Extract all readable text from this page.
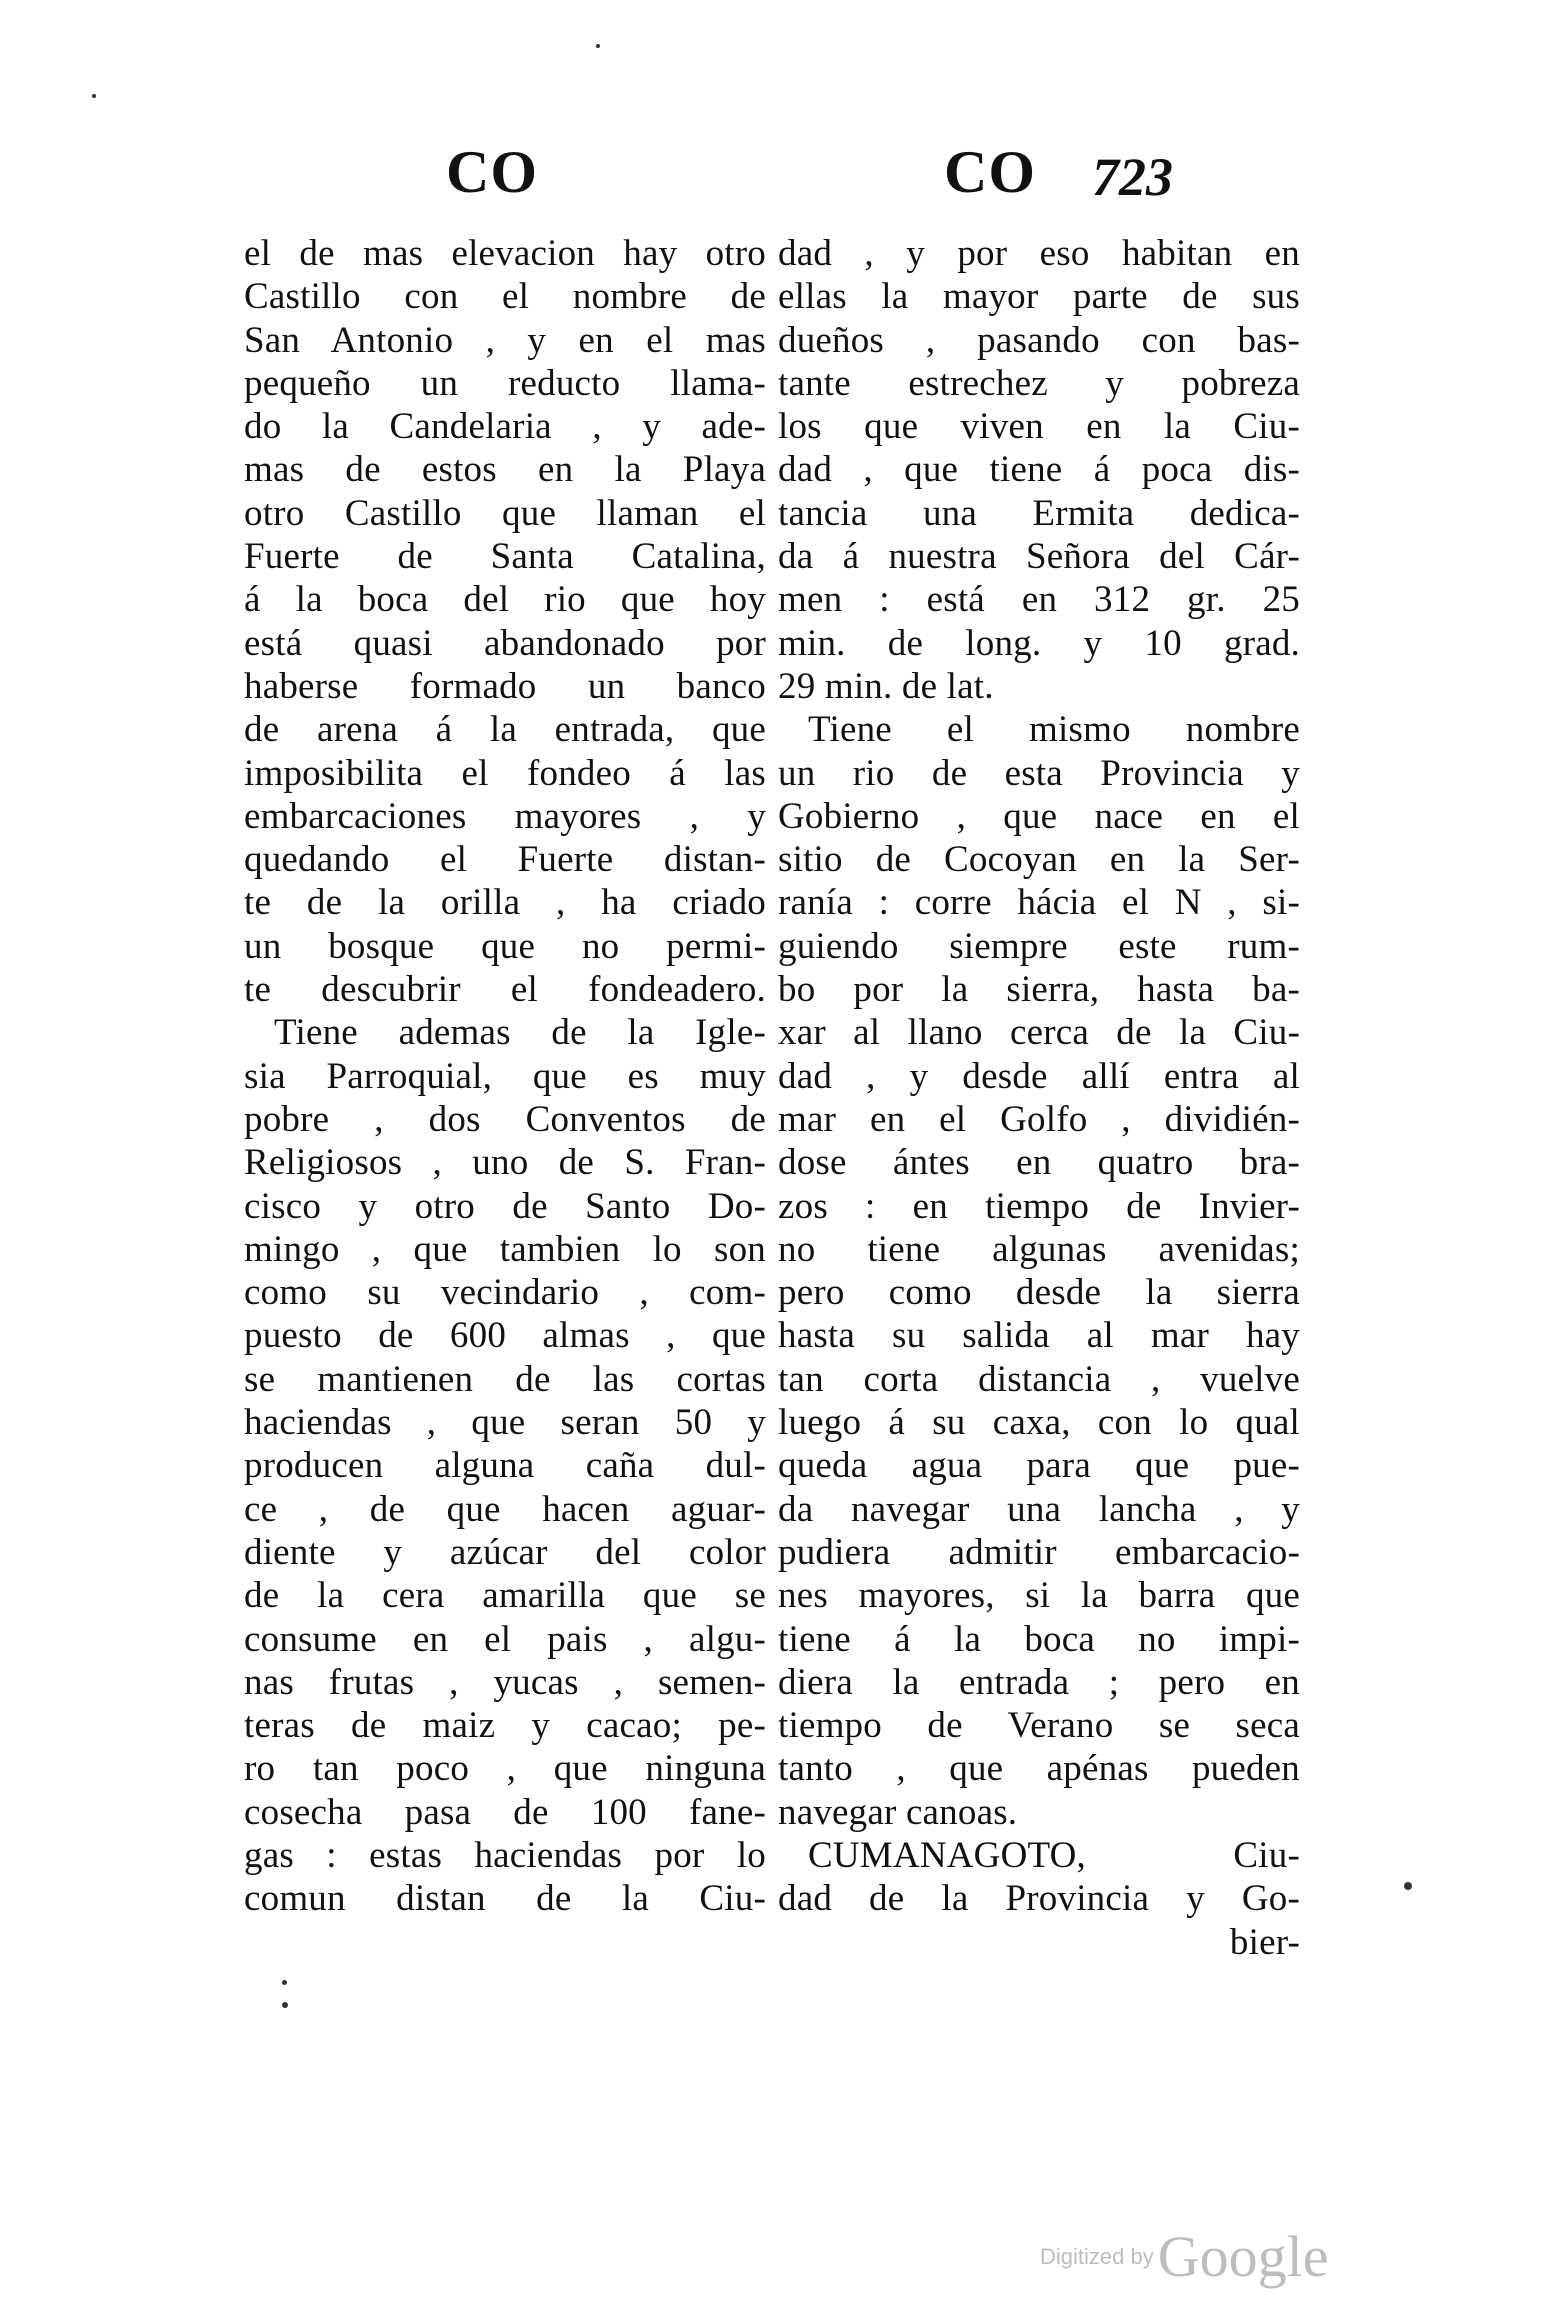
CO	CO 723
el de mas elevacion hay otro
Castillo con el nombre de
San Antonio , y en el mas
pequeño un reducto llama-
do la Candelaria , y ade-
mas de estos en la Playa
otro Castillo que llaman el
Fuerte de Santa Catalina,
á la boca del rio que hoy
está quasi abandonado por
haberse formado un banco
de arena á la entrada, que
imposibilita el fondeo á las
embarcaciones mayores , y
quedando el Fuerte distan-
te de la orilla , ha criado
un bosque que no permi-
te descubrir el fondeadero.
Tiene ademas de la Igle-
sia Parroquial, que es muy
pobre , dos Conventos de
Religiosos , uno de S. Fran-
cisco y otro de Santo Do-
mingo , que tambien lo son
como su vecindario , com-
puesto de 600 almas , que
se mantienen de las cortas
haciendas , que seran 50 y
producen alguna caña dul-
ce , de que hacen aguar-
diente y azúcar del color
de la cera amarilla que se
consume en el pais , algu-
nas frutas , yucas , semen-
teras de maiz y cacao; pe-
ro tan poco , que ninguna
cosecha pasa de 100 fane-
gas : estas haciendas por lo
comun distan de la Ciu-
dad , y por eso habitan en
ellas la mayor parte de sus
dueños , pasando con bas-
tante estrechez y pobreza
los que viven en la Ciu-
dad , que tiene á poca dis-
tancia una Ermita dedica-
da á nuestra Señora del Cár-
men : está en 312 gr. 25
min. de long. y 10 grad.
29 min. de lat.
Tiene el mismo nombre
un rio de esta Provincia y
Gobierno , que nace en el
sitio de Cocoyan en la Ser-
ranía : corre hácia el N , si-
guiendo siempre este rum-
bo por la sierra, hasta ba-
xar al llano cerca de la Ciu-
dad , y desde allí entra al
mar en el Golfo , dividién-
dose ántes en quatro bra-
zos : en tiempo de Invier-
no tiene algunas avenidas;
pero como desde la sierra
hasta su salida al mar hay
tan corta distancia , vuelve
luego á su caxa, con lo qual
queda agua para que pue-
da navegar una lancha , y
pudiera admitir embarcacio-
nes mayores, si la barra que
tiene á la boca no impi-
diera la entrada ; pero en
tiempo de Verano se seca
tanto , que apénas pueden
navegar canoas.
CUMANAGOTO, Ciu-
dad de la Provincia y Go-
bier-
Digitized by Google
